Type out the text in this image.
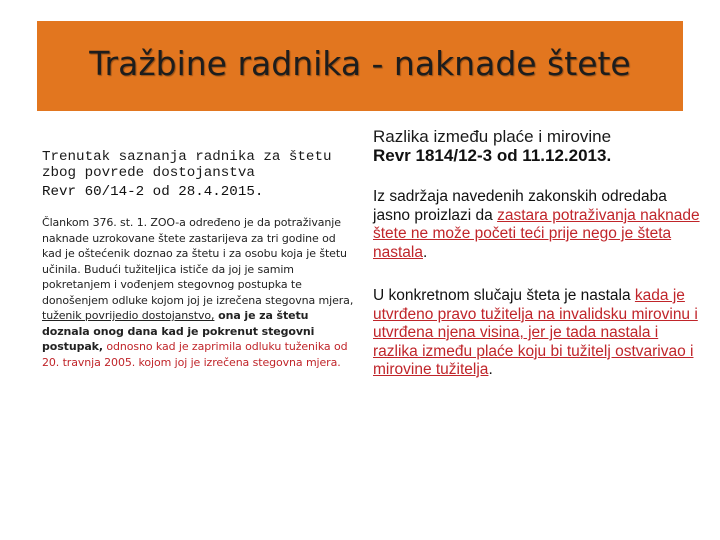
Tražbine radnika - naknade štete

Trenutak saznanja radnika za štetu zbog povrede dostojanstva

Revr 60/14-2 od 28.4.2015.

Člankom 376. st. 1. ZOO-a određeno je da potraživanje naknade uzrokovane štete zastarijeva za tri godine od kad je oštećenik doznao za štetu i za osobu koja je štetu učinila. Budući tužiteljica ističe da joj je samim pokretanjem i vođenjem stegovnog postupka te donošenjem odluke kojom joj je izrečena stegovna mjera, tuženik povrijedio dostojanstvo, ona je za štetu doznala onog dana kad je pokrenut stegovni postupak, odnosno kad je zaprimila odluku tuženika od 20. travnja 2005. kojom joj je izrečena stegovna mjera.

Razlika između plaće i mirovine

Revr 1814/12-3 od 11.12.2013.

Iz sadržaja navedenih zakonskih odredaba jasno proizlazi da zastara potraživanja naknade štete ne može početi teći prije nego je šteta nastala.

U konkretnom slučaju šteta je nastala kada je utvrđeno pravo tužitelja na invalidsku mirovinu i utvrđena njena visina, jer je tada nastala i razlika između plaće koju bi tužitelj ostvarivao i mirovine tužitelja.
